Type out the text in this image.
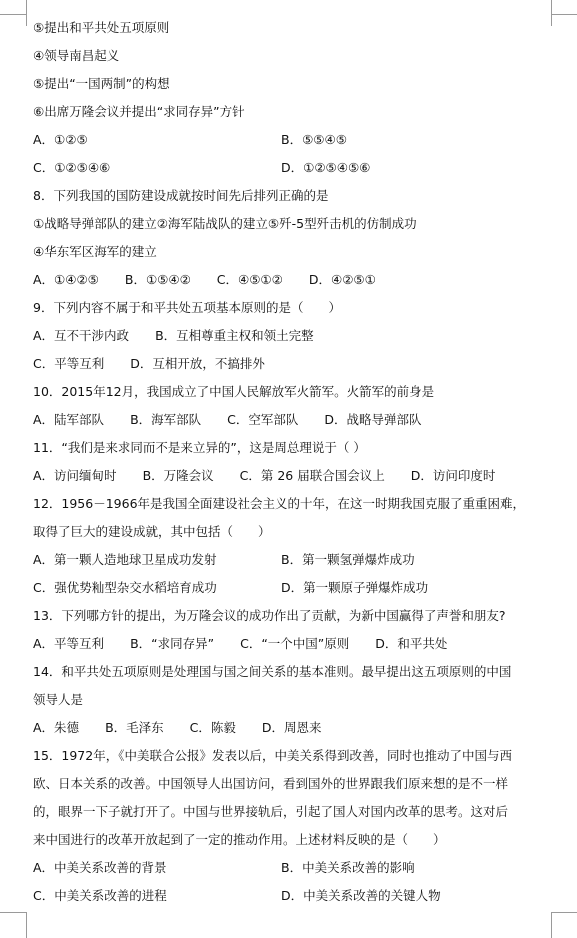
⑤提出和平共处五项原则
④领导南昌起义
⑤提出“一国两制”的构想
⑥出席万隆会议并提出“求同存异”方针
A．①②⑤	B．⑤⑤④⑤
C．①②⑤④⑥	D．①②⑤④⑤⑥
8．下列我国的国防建设成就按时间先后排列正确的是
①战略导弹部队的建立②海军陆战队的建立⑤歼-5型歼击机的仿制成功
④华东军区海军的建立
A．①④②⑤ B．①⑤④② C．④⑤①② D．④②⑤①
9．下列内容不属于和平共处五项基本原则的是（　　）
A．互不干涉内政 B．互相尊重主权和领土完整
C．平等互利 D．互相开放，不搞排外
10．2015年12月，我国成立了中国人民解放军火箭军。火箭军的前身是
A．陆军部队 B．海军部队 C．空军部队 D．战略导弹部队
11．“我们是来求同而不是来立异的”，这是周总理说于（ ）
A．访问缅甸时 B．万隆会议 C．第 26 届联合国会议上 D．访问印度时
12．1956－1966年是我国全面建设社会主义的十年，在这一时期我国克服了重重困难，
取得了巨大的建设成就，其中包括（　　）
A．第一颗人造地球卫星成功发射	B．第一颗氢弹爆炸成功
C．强优势籼型杂交水稻培育成功	D．第一颗原子弹爆炸成功
13．下列哪方针的提出，为万隆会议的成功作出了贡献，为新中国赢得了声誉和朋友?
A．平等互利 B．“求同存异” C．“一个中国”原则 D．和平共处
14．和平共处五项原则是处理国与国之间关系的基本准则。最早提出这五项原则的中国
领导人是
A．朱德 B．毛泽东 C．陈毅 D．周恩来
15．1972年，《中美联合公报》发表以后，中美关系得到改善，同时也推动了中国与西
欧、日本关系的改善。中国领导人出国访问，看到国外的世界跟我们原来想的是不一样
的，眼界一下子就打开了。中国与世界接轨后，引起了国人对国内改革的思考。这对后
来中国进行的改革开放起到了一定的推动作用。上述材料反映的是（　　）
A．中美关系改善的背景	B．中美关系改善的影响
C．中美关系改善的进程	D．中美关系改善的关键人物
